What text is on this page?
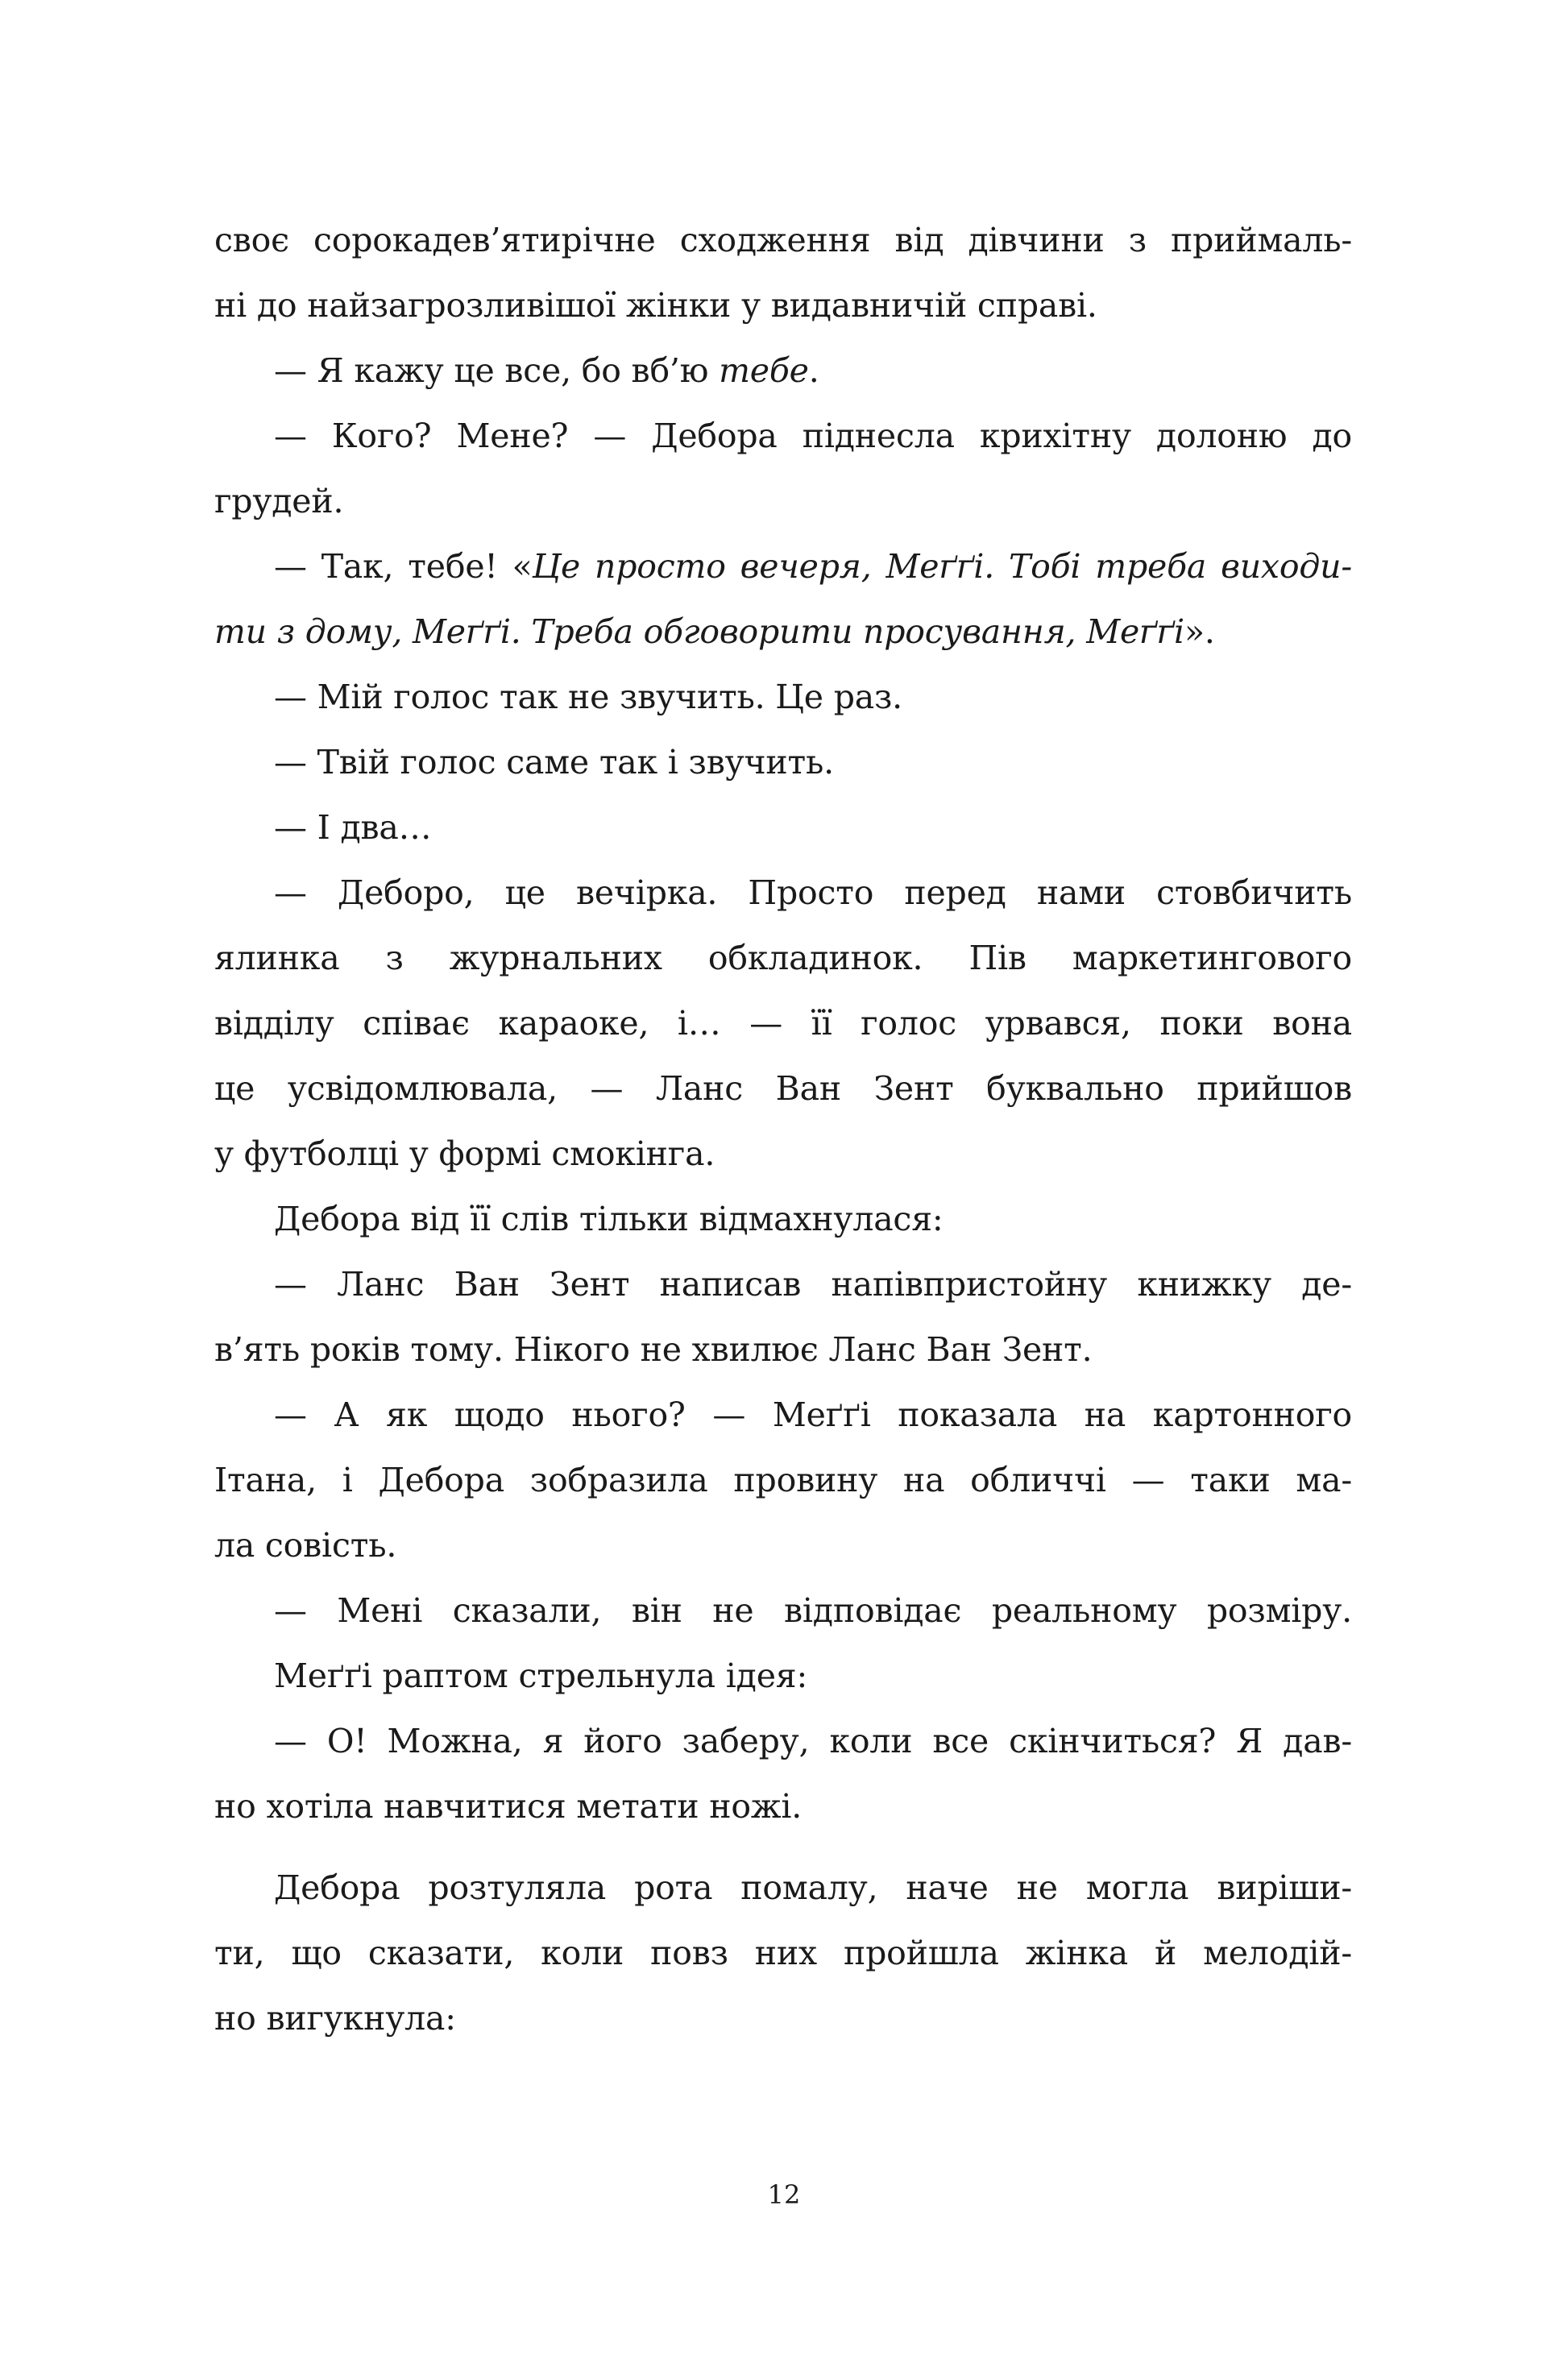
своє сорокадев’ятирічне сходження від дівчини з приймаль-
ні до найзагрозливішої жінки у видавничій справі.
— Я кажу це все, бо вб’ю тебе.
— Кого? Мене? — Дебора піднесла крихітну долоню до
грудей.
— Так, тебе! «Це просто вечеря, Меґґі. Тобі треба виходи-
ти з дому, Меґґі. Треба обговорити просування, Меґґі».
— Мій голос так не звучить. Це раз.
— Твій голос саме так і звучить.
— І два…
— Деборо, це вечірка. Просто перед нами стовбичить
ялинка з журнальних обкладинок. Пів маркетингового
відділу співає караоке, і… — її голос урвався, поки вона
це усвідомлювала, — Ланс Ван Зент буквально прийшов
у футболці у формі смокінга.
Дебора від її слів тільки відмахнулася:
— Ланс Ван Зент написав напівпристойну книжку де-
в’ять років тому. Нікого не хвилює Ланс Ван Зент.
— А як щодо нього? — Меґґі показала на картонного
Ітана, і Дебора зобразила провину на обличчі — таки ма-
ла совість.
— Мені сказали, він не відповідає реальному розміру.
Меґґі раптом стрельнула ідея:
— О! Можна, я його заберу, коли все скінчиться? Я дав-
но хотіла навчитися метати ножі.
Дебора розтуляла рота помалу, наче не могла виріши-
ти, що сказати, коли повз них пройшла жінка й мелодій-
но вигукнула:
12
